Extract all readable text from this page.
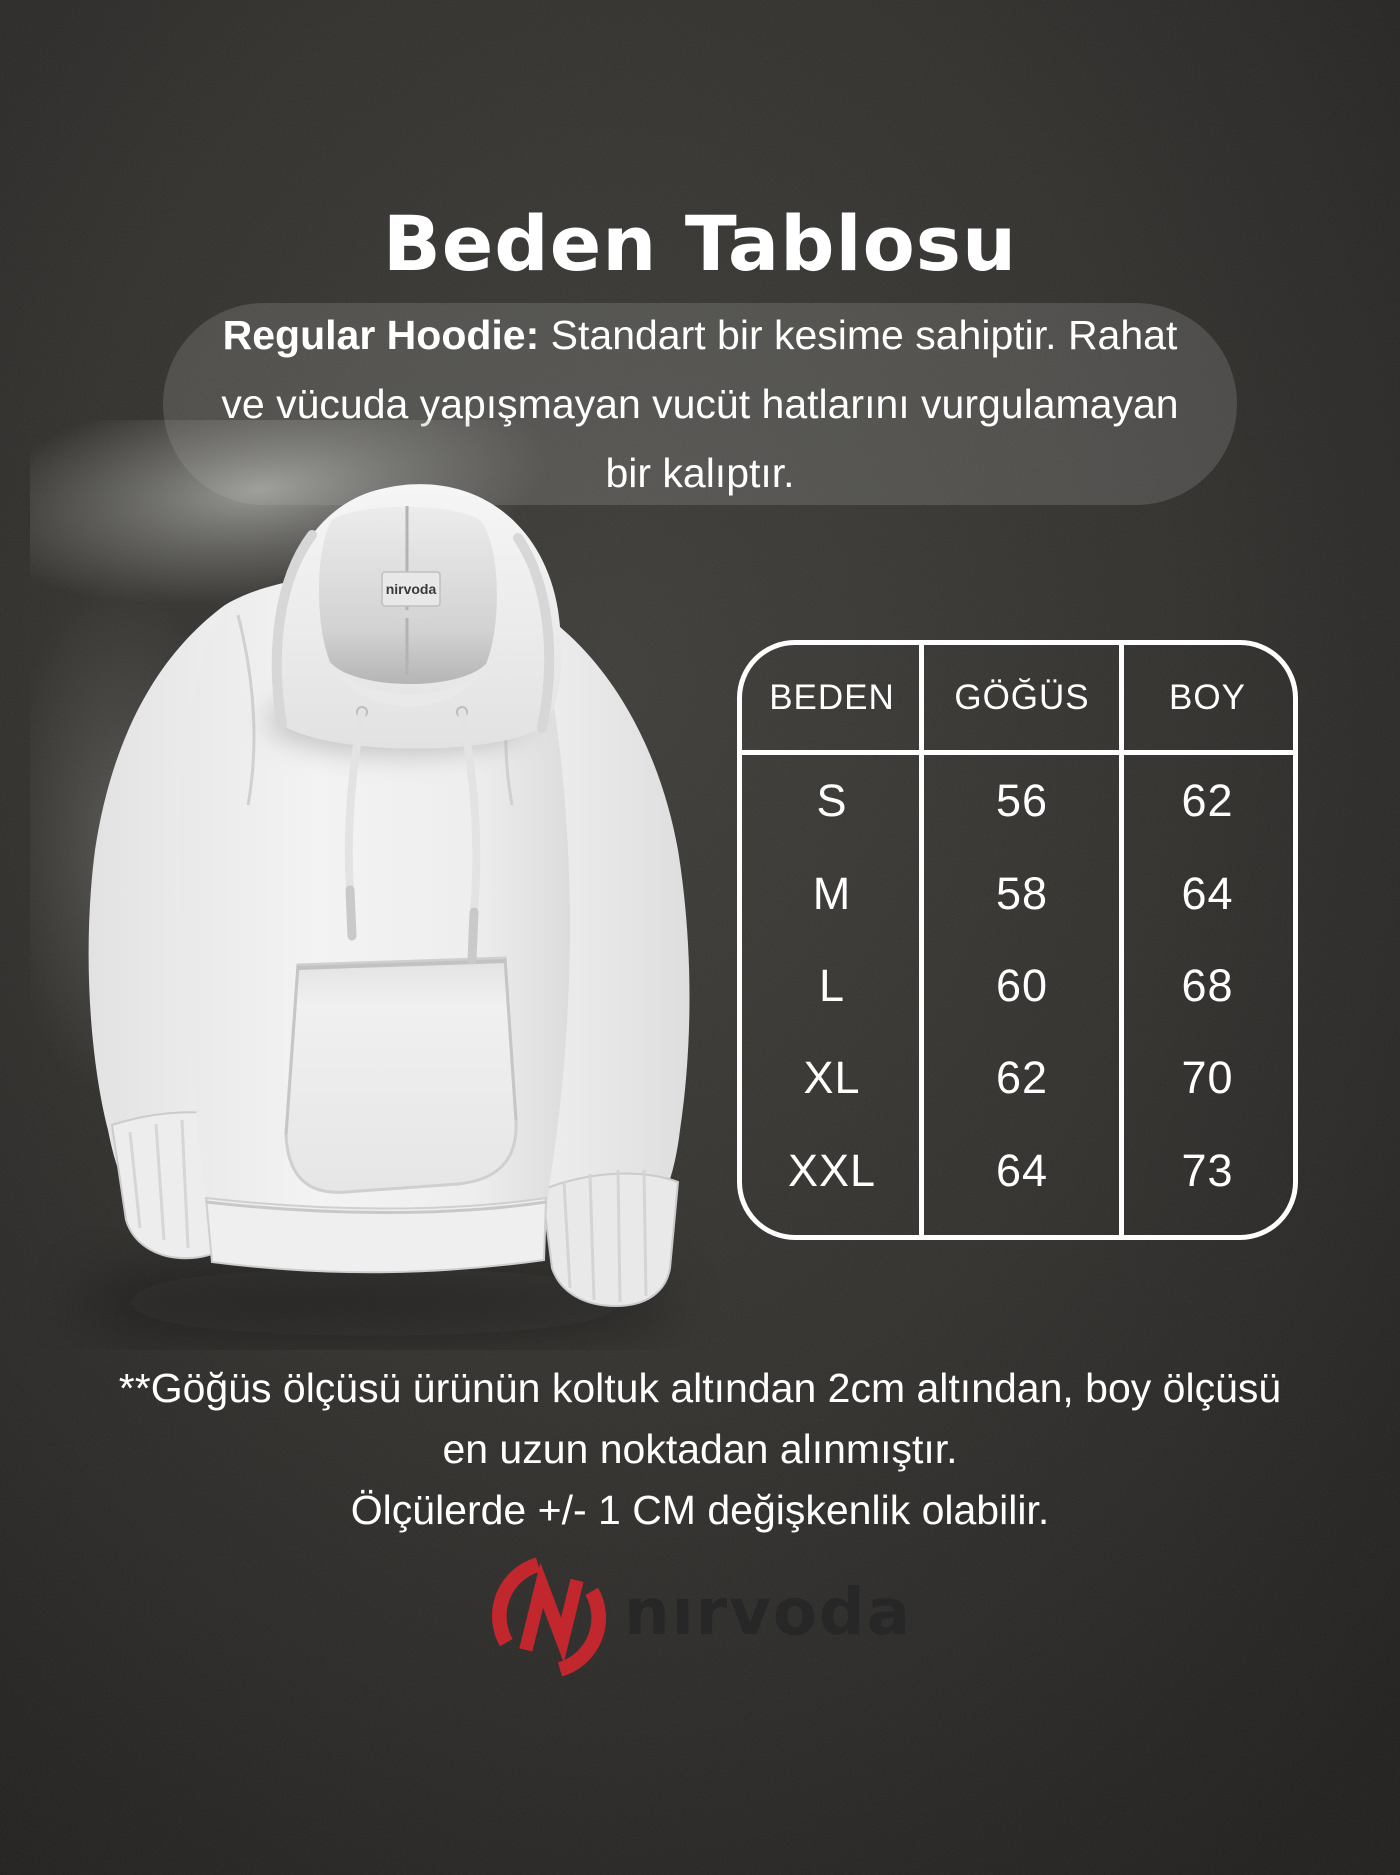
Beden Tablosu

Regular Hoodie: Standart bir kesime sahiptir. Rahat

ve vücuda yapışmayan vucüt hatlarını vurgulamayan

bir kalıptır.

nirvoda
BEDEN	GÖĞÜS	BOY
S	56	62
M	58	64
L	60	68
XL	62	70
XXL	64	73

**Göğüs ölçüsü ürünün koltuk altından 2cm altından, boy ölçüsü

en uzun noktadan alınmıştır.

Ölçülerde +/- 1 CM değişkenlik olabilir.

nırvoda
